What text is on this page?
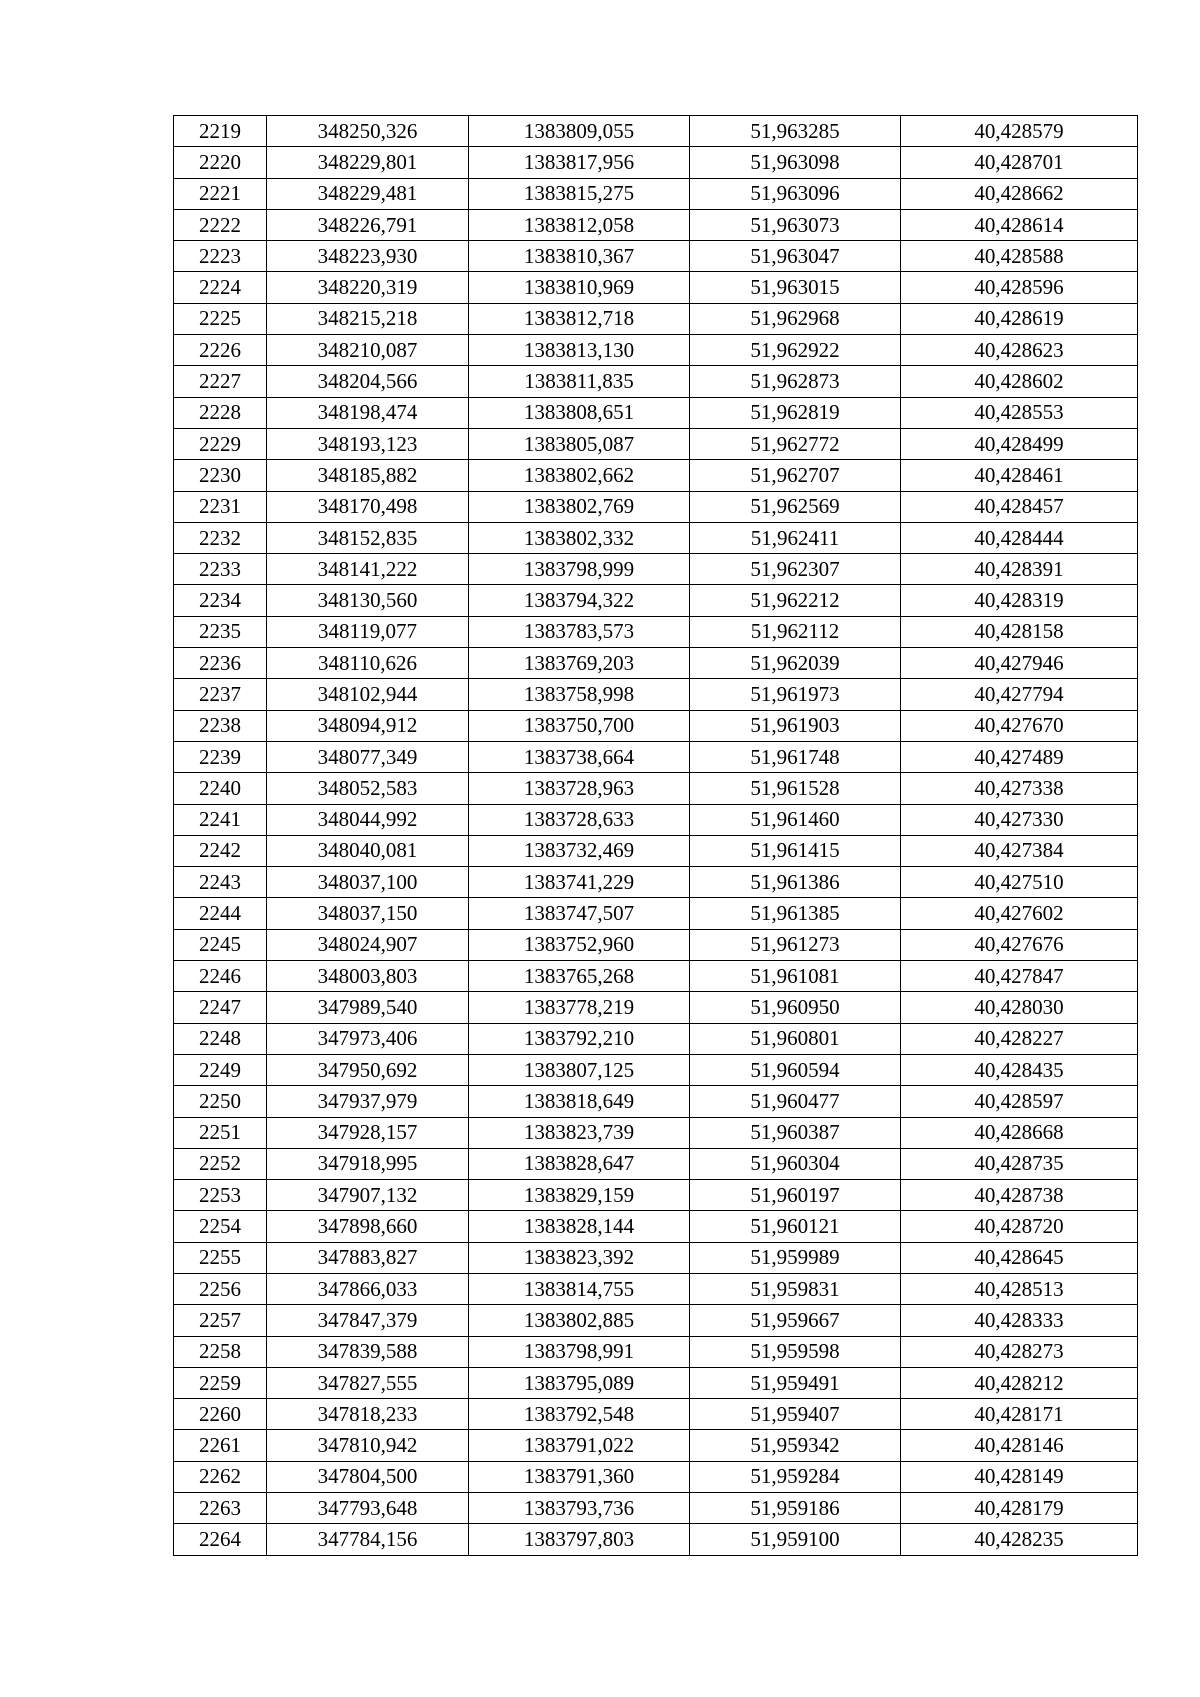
2219	348250,326	1383809,055	51,963285	40,428579
2220	348229,801	1383817,956	51,963098	40,428701
2221	348229,481	1383815,275	51,963096	40,428662
2222	348226,791	1383812,058	51,963073	40,428614
2223	348223,930	1383810,367	51,963047	40,428588
2224	348220,319	1383810,969	51,963015	40,428596
2225	348215,218	1383812,718	51,962968	40,428619
2226	348210,087	1383813,130	51,962922	40,428623
2227	348204,566	1383811,835	51,962873	40,428602
2228	348198,474	1383808,651	51,962819	40,428553
2229	348193,123	1383805,087	51,962772	40,428499
2230	348185,882	1383802,662	51,962707	40,428461
2231	348170,498	1383802,769	51,962569	40,428457
2232	348152,835	1383802,332	51,962411	40,428444
2233	348141,222	1383798,999	51,962307	40,428391
2234	348130,560	1383794,322	51,962212	40,428319
2235	348119,077	1383783,573	51,962112	40,428158
2236	348110,626	1383769,203	51,962039	40,427946
2237	348102,944	1383758,998	51,961973	40,427794
2238	348094,912	1383750,700	51,961903	40,427670
2239	348077,349	1383738,664	51,961748	40,427489
2240	348052,583	1383728,963	51,961528	40,427338
2241	348044,992	1383728,633	51,961460	40,427330
2242	348040,081	1383732,469	51,961415	40,427384
2243	348037,100	1383741,229	51,961386	40,427510
2244	348037,150	1383747,507	51,961385	40,427602
2245	348024,907	1383752,960	51,961273	40,427676
2246	348003,803	1383765,268	51,961081	40,427847
2247	347989,540	1383778,219	51,960950	40,428030
2248	347973,406	1383792,210	51,960801	40,428227
2249	347950,692	1383807,125	51,960594	40,428435
2250	347937,979	1383818,649	51,960477	40,428597
2251	347928,157	1383823,739	51,960387	40,428668
2252	347918,995	1383828,647	51,960304	40,428735
2253	347907,132	1383829,159	51,960197	40,428738
2254	347898,660	1383828,144	51,960121	40,428720
2255	347883,827	1383823,392	51,959989	40,428645
2256	347866,033	1383814,755	51,959831	40,428513
2257	347847,379	1383802,885	51,959667	40,428333
2258	347839,588	1383798,991	51,959598	40,428273
2259	347827,555	1383795,089	51,959491	40,428212
2260	347818,233	1383792,548	51,959407	40,428171
2261	347810,942	1383791,022	51,959342	40,428146
2262	347804,500	1383791,360	51,959284	40,428149
2263	347793,648	1383793,736	51,959186	40,428179
2264	347784,156	1383797,803	51,959100	40,428235
